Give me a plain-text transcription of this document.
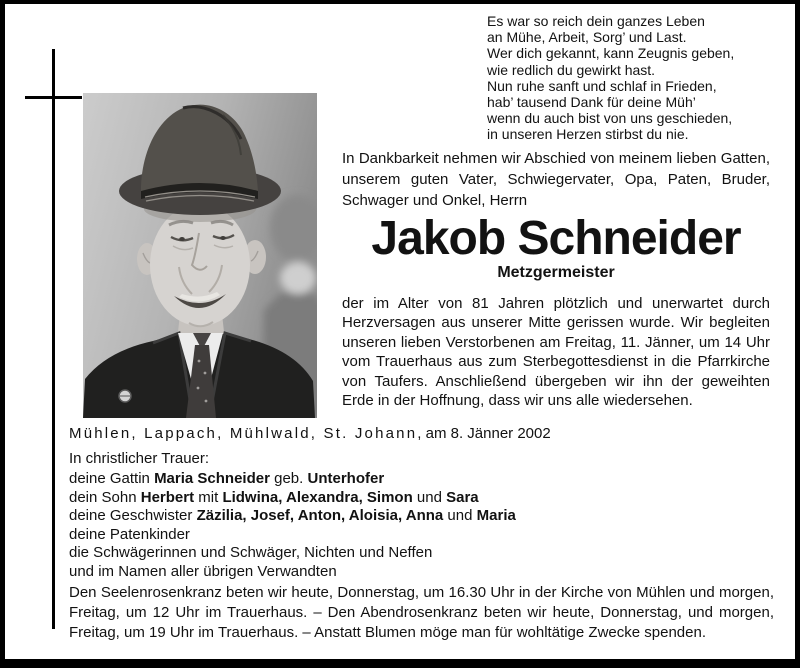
Es war so reich dein ganzes Leben
an Mühe, Arbeit, Sorg’ und Last.
Wer dich gekannt, kann Zeugnis geben,
wie redlich du gewirkt hast.
Nun ruhe sanft und schlaf in Frieden,
hab’ tausend Dank für deine Müh’
wenn du auch bist von uns geschieden,
in unseren Herzen stirbst du nie.

In Dankbarkeit nehmen wir Abschied von meinem lieben Gatten, unserem guten Vater, Schwiegervater, Opa, Paten, Bruder, Schwager und Onkel, Herrn

Jakob Schneider
Metzgermeister

der im Alter von 81 Jahren plötzlich und unerwartet durch Herzversagen aus unserer Mitte gerissen wurde. Wir begleiten unseren lieben Verstorbenen am Freitag, 11. Jänner, um 14 Uhr vom Trauerhaus aus zum Sterbegottesdienst in die Pfarrkirche von Taufers. Anschließend übergeben wir ihn der geweihten Erde in der Hoffnung, dass wir uns alle wiedersehen.

Mühlen, Lappach, Mühlwald, St. Johann, am 8. Jänner 2002
In christlicher Trauer:
deine Gattin Maria Schneider geb. Unterhofer
dein Sohn Herbert mit Lidwina, Alexandra, Simon und Sara
deine Geschwister Zäzilia, Josef, Anton, Aloisia, Anna und Maria
deine Patenkinder
die Schwägerinnen und Schwäger, Nichten und Neffen
und im Namen aller übrigen Verwandten

Den Seelenrosenkranz beten wir heute, Donnerstag, um 16.30 Uhr in der Kirche von Mühlen und morgen, Freitag, um 12 Uhr im Trauerhaus. – Den Abendrosenkranz beten wir heute, Donnerstag, und morgen, Freitag, um 19 Uhr im Trauerhaus. – Anstatt Blumen möge man für wohltätige Zwecke spenden.
